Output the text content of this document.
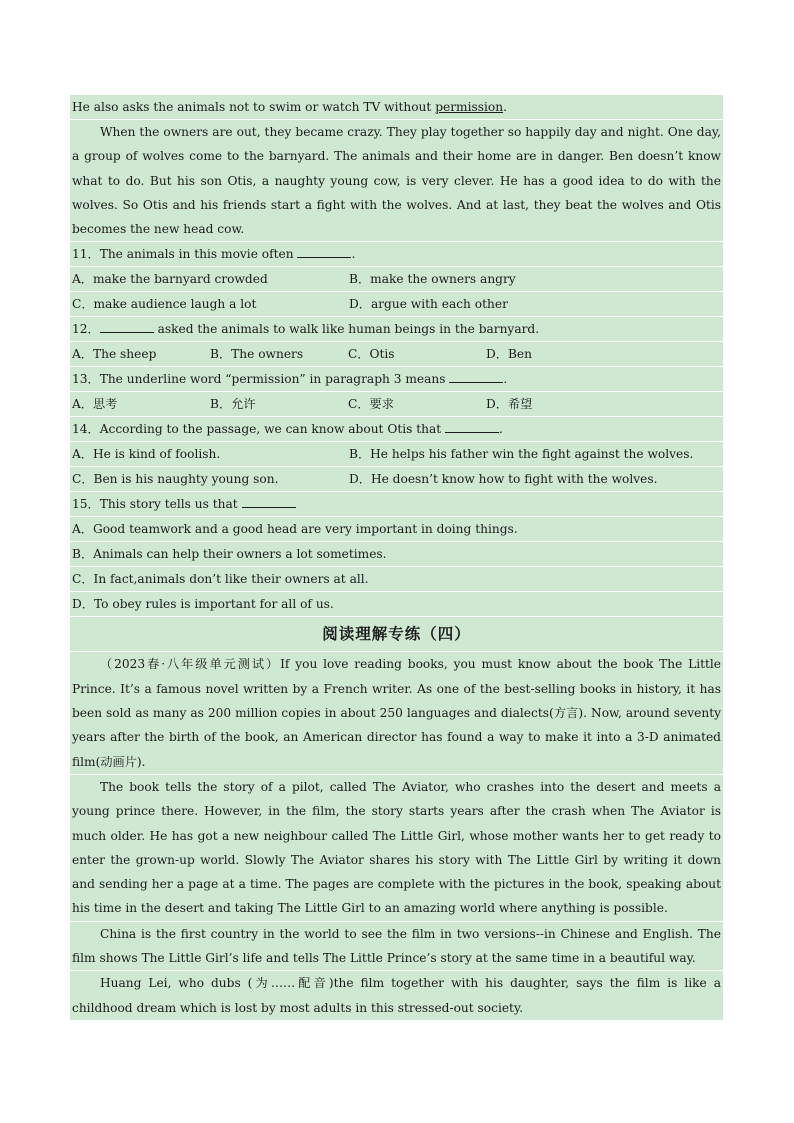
He also asks the animals not to swim or watch TV without permission.
When the owners are out, they became crazy. They play together so happily day and night. One day, a group of wolves come to the barnyard. The animals and their home are in danger. Ben doesn’t know what to do. But his son Otis, a naughty young cow, is very clever. He has a good idea to do with the wolves. So Otis and his friends start a fight with the wolves. And at last, they beat the wolves and Otis becomes the new head cow.
11．The animals in this movie often	.
A．make the barnyard crowded	B．make the owners angry
C．make audience laugh a lot	D．argue with each other
12．	asked the animals to walk like human beings in the barnyard.
A．The sheep	B．The owners	C．Otis	D．Ben
13．The underline word “permission” in paragraph 3 means	.
A．思考	B．允许	C．要求	D．希望
14．According to the passage, we can know about Otis that	.
A．He is kind of foolish.	B．He helps his father win the fight against the wolves.
C．Ben is his naughty young son.	D．He doesn’t know how to fight with the wolves.
15．This story tells us that
A．Good teamwork and a good head are very important in doing things.
B．Animals can help their owners a lot sometimes.
C．In fact,animals don’t like their owners at all.
D．To obey rules is important for all of us.
阅读理解专练（四）
（2023春·八年级单元测试）If you love reading books, you must know about the book The Little Prince. It’s a famous novel written by a French writer. As one of the best-selling books in history, it has been sold as many as 200 million copies in about 250 languages and dialects(方言). Now, around seventy years after the birth of the book, an American director has found a way to make it into a 3-D animated film(动画片).
The book tells the story of a pilot, called The Aviator, who crashes into the desert and meets a young prince there. However, in the film, the story starts years after the crash when The Aviator is much older. He has got a new neighbour called The Little Girl, whose mother wants her to get ready to enter the grown-up world. Slowly The Aviator shares his story with The Little Girl by writing it down and sending her a page at a time. The pages are complete with the pictures in the book, speaking about his time in the desert and taking The Little Girl to an amazing world where anything is possible.
China is the first country in the world to see the film in two versions--in Chinese and English. The film shows The Little Girl’s life and tells The Little Prince’s story at the same time in a beautiful way.
Huang Lei, who dubs (为……配音)the film together with his daughter, says the film is like a childhood dream which is lost by most adults in this stressed-out society.
